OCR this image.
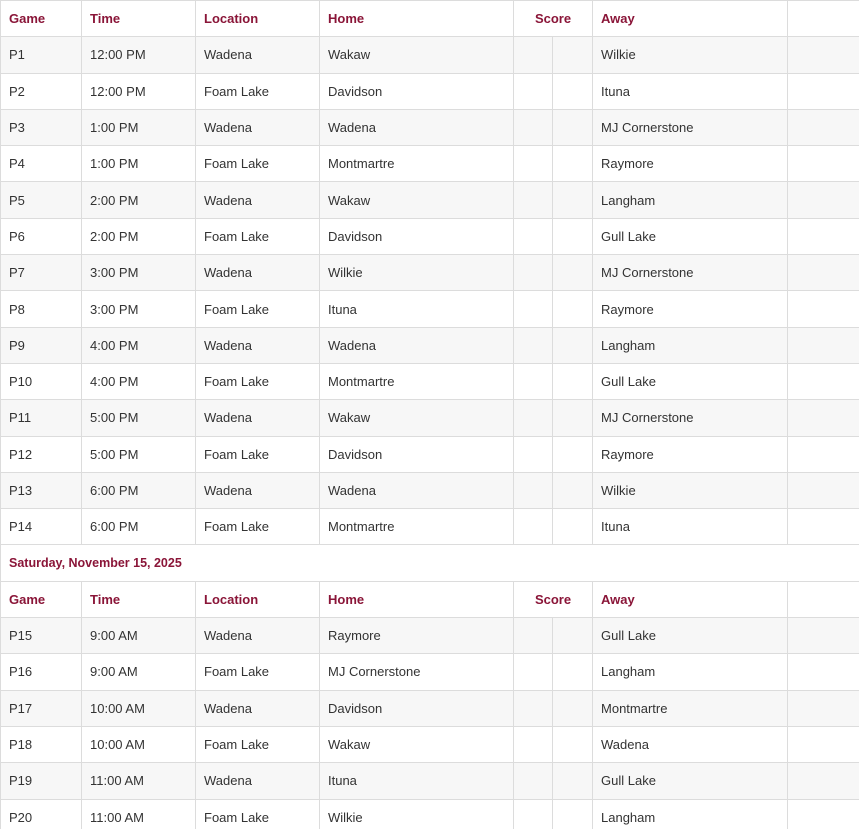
Game	Time	Location	Home	Score		Away	
P1	12:00 PM	Wadena	Wakaw			Wilkie	
P2	12:00 PM	Foam Lake	Davidson			Ituna	
P3	1:00 PM	Wadena	Wadena			MJ Cornerstone	
P4	1:00 PM	Foam Lake	Montmartre			Raymore	
P5	2:00 PM	Wadena	Wakaw			Langham	
P6	2:00 PM	Foam Lake	Davidson			Gull Lake	
P7	3:00 PM	Wadena	Wilkie			MJ Cornerstone	
P8	3:00 PM	Foam Lake	Ituna			Raymore	
P9	4:00 PM	Wadena	Wadena			Langham	
P10	4:00 PM	Foam Lake	Montmartre			Gull Lake	
P11	5:00 PM	Wadena	Wakaw			MJ Cornerstone	
P12	5:00 PM	Foam Lake	Davidson			Raymore	
P13	6:00 PM	Wadena	Wadena			Wilkie	
P14	6:00 PM	Foam Lake	Montmartre			Ituna	
Saturday, November 15, 2025							
Game	Time	Location	Home	Score		Away	
P15	9:00 AM	Wadena	Raymore			Gull Lake	
P16	9:00 AM	Foam Lake	MJ Cornerstone			Langham	
P17	10:00 AM	Wadena	Davidson			Montmartre	
P18	10:00 AM	Foam Lake	Wakaw			Wadena	
P19	11:00 AM	Wadena	Ituna			Gull Lake	
P20	11:00 AM	Foam Lake	Wilkie			Langham	
